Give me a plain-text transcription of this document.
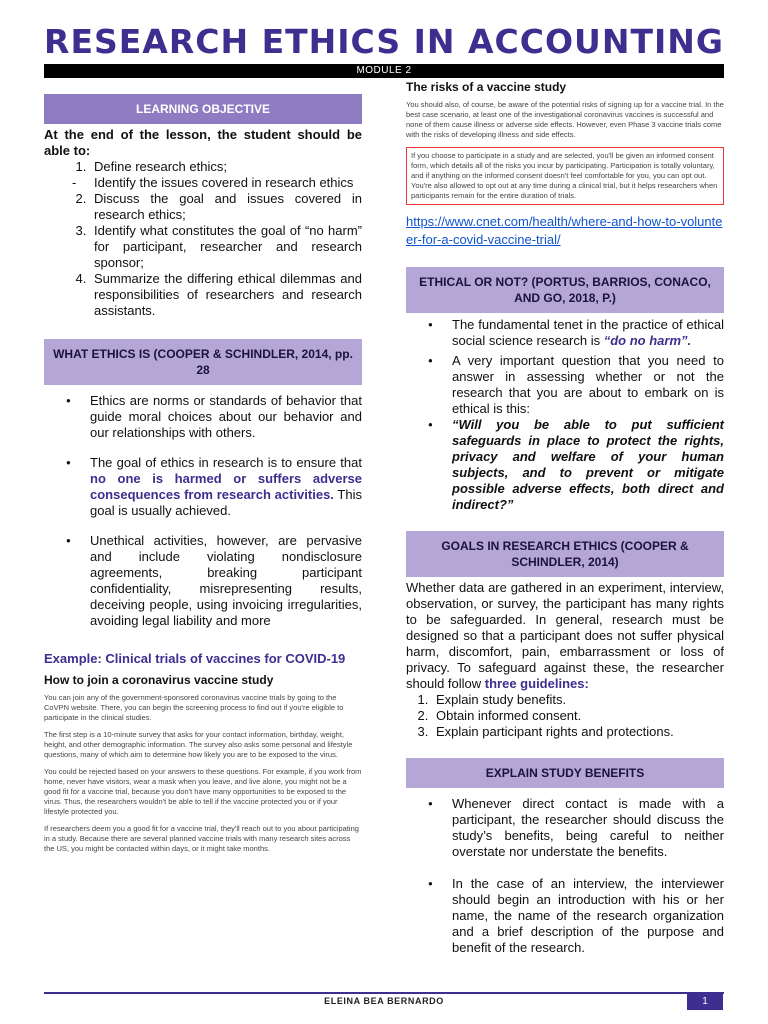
RESEARCH ETHICS IN ACCOUNTING
MODULE 2
LEARNING OBJECTIVE

At the end of the lesson, the student should be able to:

1. Define research ethics;
- Identify the issues covered in research ethics
2. Discuss the goal and issues covered in research ethics;
3. Identify what constitutes the goal of “no harm” for participant, researcher and research sponsor;
4. Summarize the differing ethical dilemmas and responsibilities of researchers and research assistants.
WHAT ETHICS IS (COOPER & SCHINDLER, 2014, pp. 28
● Ethics are norms or standards of behavior that guide moral choices about our behavior and our relationships with others.
● The goal of ethics in research is to ensure that no one is harmed or suffers adverse consequences from research activities. This goal is usually achieved.
● Unethical activities, however, are pervasive and include violating nondisclosure agreements, breaking participant confidentiality, misrepresenting results, deceiving people, using invoicing irregularities, avoiding legal liability and more

Example: Clinical trials of vaccines for COVID-19

How to join a coronavirus vaccine study

You can join any of the government-sponsored coronavirus vaccine trials by going to the CoVPN website. There, you can begin the screening process to find out if you're eligible to participate in the clinical studies.

The first step is a 10-minute survey that asks for your contact information, birthday, weight, height, and other demographic information. The survey also asks some personal and lifestyle questions, many of which aim to determine how likely you are to be exposed to the virus.

You could be rejected based on your answers to these questions. For example, if you work from home, never have visitors, wear a mask when you leave, and live alone, you might not be a good fit for a vaccine trial, because you don't have many opportunities to be exposed to the virus. Thus, the researchers wouldn't be able to tell if the vaccine protected you or if your lifestyle protected you.

If researchers deem you a good fit for a vaccine trial, they'll reach out to you about participating in a study. Because there are several planned vaccine trials with many research sites across the US, you might be contacted within days, or it might take months.

The risks of a vaccine study

You should also, of course, be aware of the potential risks of signing up for a vaccine trial. In the best case scenario, at least one of the investigational coronavirus vaccines is successful and none of them cause illness or adverse side effects. However, even Phase 3 vaccine trials come with the risks of developing illness and side effects.

If you choose to participate in a study and are selected, you'll be given an informed consent form, which details all of the risks you incur by participating. Participation is totally voluntary, and if anything on the informed consent doesn't feel comfortable for you, you can opt out. You're also allowed to opt out at any time during a clinical trial, but it helps researchers when participants remain for the entire duration of trials.

https://www.cnet.com/health/where-and-how-to-volunteer-for-a-covid-vaccine-trial/
ETHICAL OR NOT? (PORTUS, BARRIOS, CONACO, AND GO, 2018, P.)
● The fundamental tenet in the practice of ethical social science research is “do no harm”.
● A very important question that you need to answer in assessing whether or not the research that you are about to embark on is ethical is this:
● “Will you be able to put sufficient safeguards in place to protect the rights, privacy and welfare of your human subjects, and to prevent or mitigate possible adverse effects, both direct and indirect?”
GOALS IN RESEARCH ETHICS (COOPER & SCHINDLER, 2014)

Whether data are gathered in an experiment, interview, observation, or survey, the participant has many rights to be safeguarded. In general, research must be designed so that a participant does not suffer physical harm, discomfort, pain, embarrassment or loss of privacy. To safeguard against these, the researcher should follow three guidelines:

1. Explain study benefits.
2. Obtain informed consent.
3. Explain participant rights and protections.
EXPLAIN STUDY BENEFITS
● Whenever direct contact is made with a participant, the researcher should discuss the study’s benefits, being careful to neither overstate nor understate the benefits.
● In the case of an interview, the interviewer should begin an introduction with his or her name, the name of the research organization and a brief description of the purpose and benefit of the research.
ELEINA BEA BERNARDO	1
